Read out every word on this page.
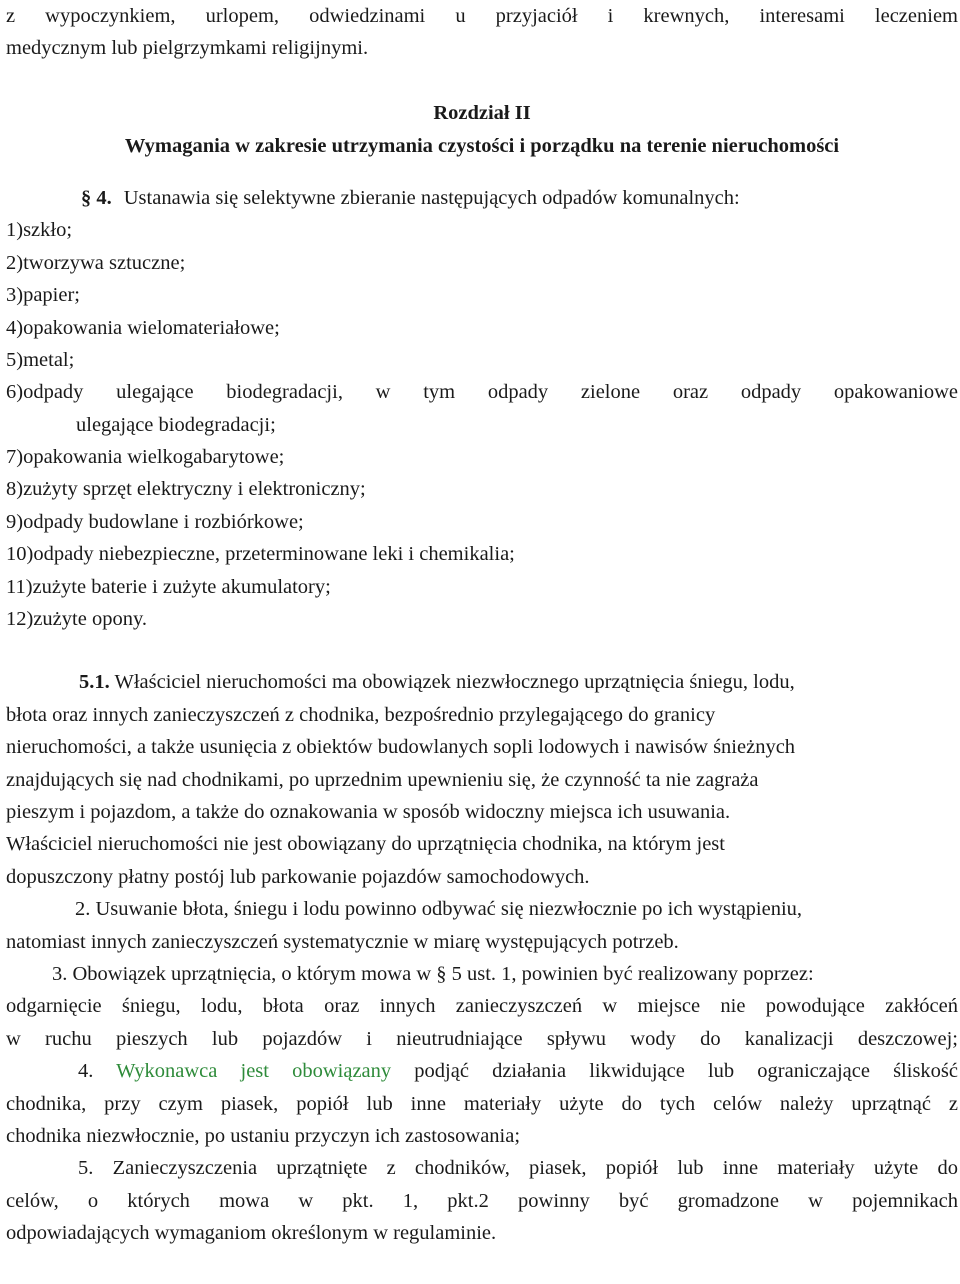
z wypoczynkiem, urlopem, odwiedzinami u przyjaciół i krewnych, interesami leczeniem
medycznym lub pielgrzymkami religijnymi.
Rozdział II
Wymagania w zakresie utrzymania czystości i porządku na terenie nieruchomości
§ 4. Ustanawia się selektywne zbieranie następujących odpadów komunalnych:
1)szkło;
2)tworzywa sztuczne;
3)papier;
4)opakowania wielomateriałowe;
5)metal;
6)odpady ulegające biodegradacji, w tym odpady zielone oraz odpady opakowaniowe
ulegające biodegradacji;
7)opakowania wielkogabarytowe;
8)zużyty sprzęt elektryczny i elektroniczny;
9)odpady budowlane i rozbiórkowe;
10)odpady niebezpieczne, przeterminowane leki i chemikalia;
11)zużyte baterie i zużyte akumulatory;
12)zużyte opony.
5.1. Właściciel nieruchomości ma obowiązek niezwłocznego uprzątnięcia śniegu, lodu,
błota oraz innych zanieczyszczeń z chodnika, bezpośrednio przylegającego do granicy
nieruchomości, a także usunięcia z obiektów budowlanych sopli lodowych i nawisów śnieżnych
znajdujących się nad chodnikami, po uprzednim upewnieniu się, że czynność ta nie zagraża
pieszym i pojazdom, a także do oznakowania w sposób widoczny miejsca ich usuwania.
Właściciel nieruchomości nie jest obowiązany do uprzątnięcia chodnika, na którym jest
dopuszczony płatny postój lub parkowanie pojazdów samochodowych.
2. Usuwanie błota, śniegu i lodu powinno odbywać się niezwłocznie po ich wystąpieniu,
natomiast innych zanieczyszczeń systematycznie w miarę występujących potrzeb.
3. Obowiązek uprzątnięcia, o którym mowa w § 5 ust. 1, powinien być realizowany poprzez:
odgarnięcie śniegu, lodu, błota oraz innych zanieczyszczeń w miejsce nie powodujące zakłóceń
w ruchu pieszych lub pojazdów i nieutrudniające spływu wody do kanalizacji deszczowej;
4. Wykonawca jest obowiązany podjąć działania likwidujące lub ograniczające śliskość
chodnika, przy czym piasek, popiół lub inne materiały użyte do tych celów należy uprzątnąć z
chodnika niezwłocznie, po ustaniu przyczyn ich zastosowania;
5. Zanieczyszczenia uprzątnięte z chodników, piasek, popiół lub inne materiały użyte do
celów, o których mowa w pkt. 1, pkt.2 powinny być gromadzone w pojemnikach
odpowiadających wymaganiom określonym w regulaminie.
